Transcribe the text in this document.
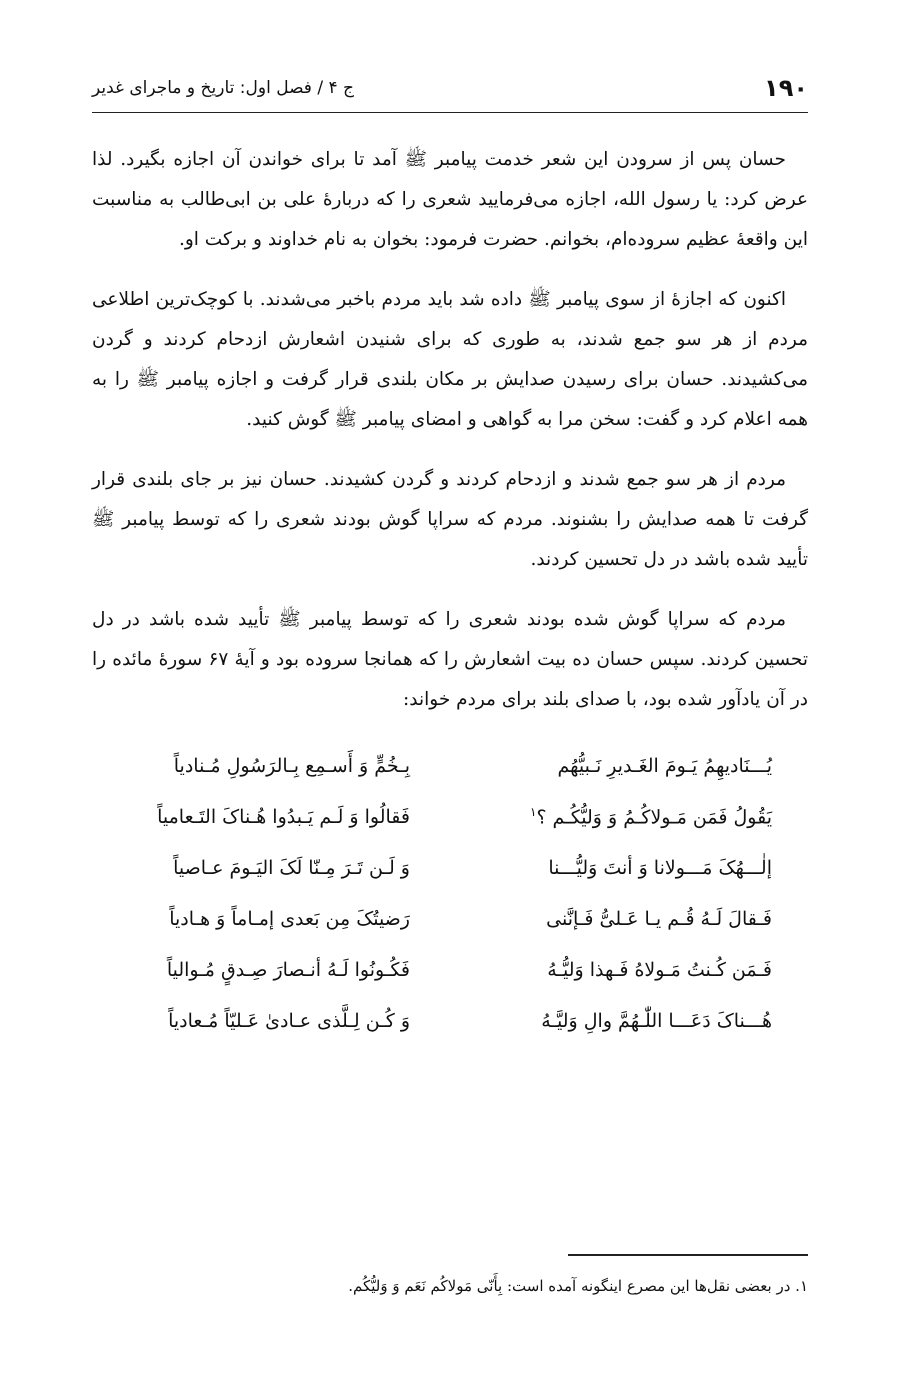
۱۹۰
ج ۴ / فصل اول: تاریخ و ماجرای غدیر

حسان پس از سرودن این شعر خدمت پیامبر ﷺ آمد تا برای خواندن آن اجازه بگیرد. لذا عرض کرد: یا رسول الله، اجازه می‌فرمایید شعری را که دربارهٔ علی بن ابی‌طالب به مناسبت این واقعهٔ عظیم سروده‌ام، بخوانم. حضرت فرمود: بخوان به نام خداوند و برکت او.

اکنون که اجازهٔ از سوی پیامبر ﷺ داده شد باید مردم باخبر می‌شدند. با کوچک‌ترین اطلاعی مردم از هر سو جمع شدند، به طوری که برای شنیدن اشعارش ازدحام کردند و گردن می‌کشیدند. حسان برای رسیدن صدایش بر مکان بلندی قرار گرفت و اجازه پیامبر ﷺ را به همه اعلام کرد و گفت: سخن مرا به گواهی و امضای پیامبر ﷺ گوش کنید.

مردم از هر سو جمع شدند و ازدحام کردند و گردن کشیدند. حسان نیز بر جای بلندی قرار گرفت تا همه صدایش را بشنوند. مردم که سراپا گوش بودند شعری را که توسط پیامبر ﷺ تأیید شده باشد در دل تحسین کردند.

مردم که سراپا گوش شده بودند شعری را که توسط پیامبر ﷺ تأیید شده باشد در دل تحسین کردند. سپس حسان ده بیت اشعارش را که همانجا سروده بود و آیهٔ ۶۷ سورهٔ مائده را در آن یادآور شده بود، با صدای بلند برای مردم خواند:

یُـــنَادیهِمُ یَـومَ الغَـدیرِ نَـبیُّهُم
بِـخُمٍّ وَ أَسـمِع بِـالرَسُولِ مُـنادیاً
یَقُولُ فَمَن مَـولاکُـمُ وَ وَلیُّکُـم ؟$^۱$
فَقالُوا وَ لَـم یَـبدُوا هُـناکَ التَـعامیاً
إلٰـــهُکَ مَـــولانا وَ أنتَ وَلیُّـــنا
وَ لَـن تَـرَ مِـنّا لَکَ الیَـومَ عـاصیاً
فَـقالَ لَـهُ قُـم یـا عَـلیُّ فَـإنَّنی
رَضیتُکَ مِن بَعدی إمـاماً وَ هـادیاً
فَـمَن کُـنتُ مَـولاهُ فَـهذا وَلیُّـهُ
فَکُـونُوا لَـهُ أنـصارَ صِـدقٍ مُـوالیاً
هُـــناکَ دَعَـــا اللّٰـهُمَّ والِ وَلیَّـهُ
وَ کُـن لِـلَّذی عـادیٰ عَـلیّاً مُـعادیاً
۱. در بعضی نقل‌ها این مصرع اینگونه آمده است: بِأَنّی مَولاکُم نَعَم وَ وَلیُّکُم.
